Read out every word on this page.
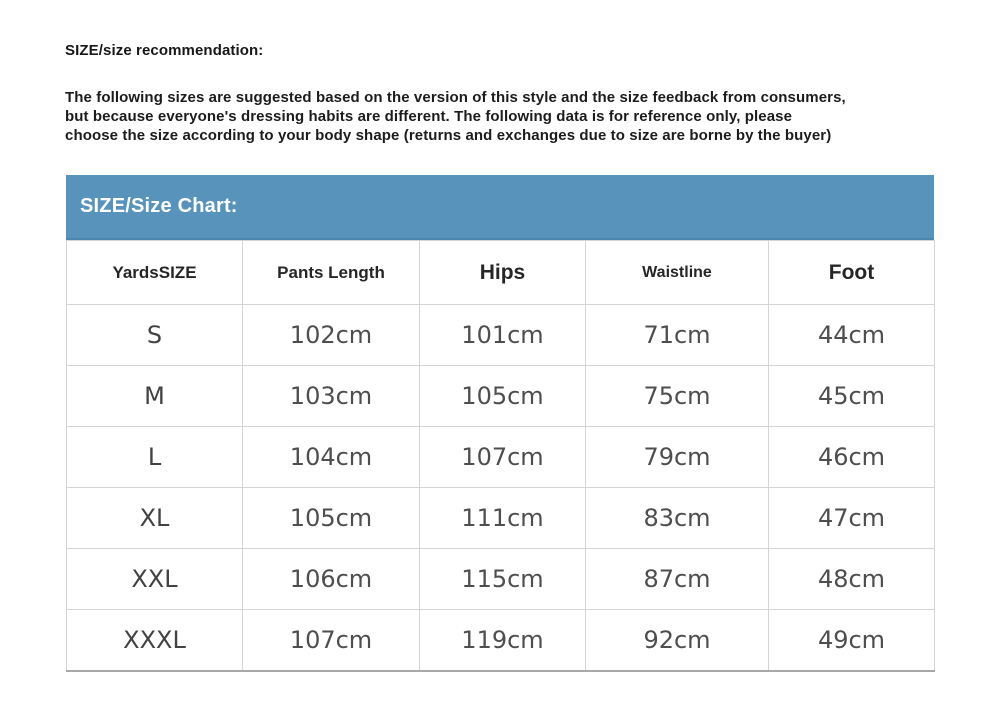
SIZE/size recommendation:
The following sizes are suggested based on the version of this style and the size feedback from consumers,
but because everyone's dressing habits are different. The following data is for reference only, please
choose the size according to your body shape (returns and exchanges due to size are borne by the buyer)
SIZE/Size Chart:
YardsSIZE	Pants Length	Hips	Waistline	Foot
S	102cm	101cm	71cm	44cm
M	103cm	105cm	75cm	45cm
L	104cm	107cm	79cm	46cm
XL	105cm	111cm	83cm	47cm
XXL	106cm	115cm	87cm	48cm
XXXL	107cm	119cm	92cm	49cm
